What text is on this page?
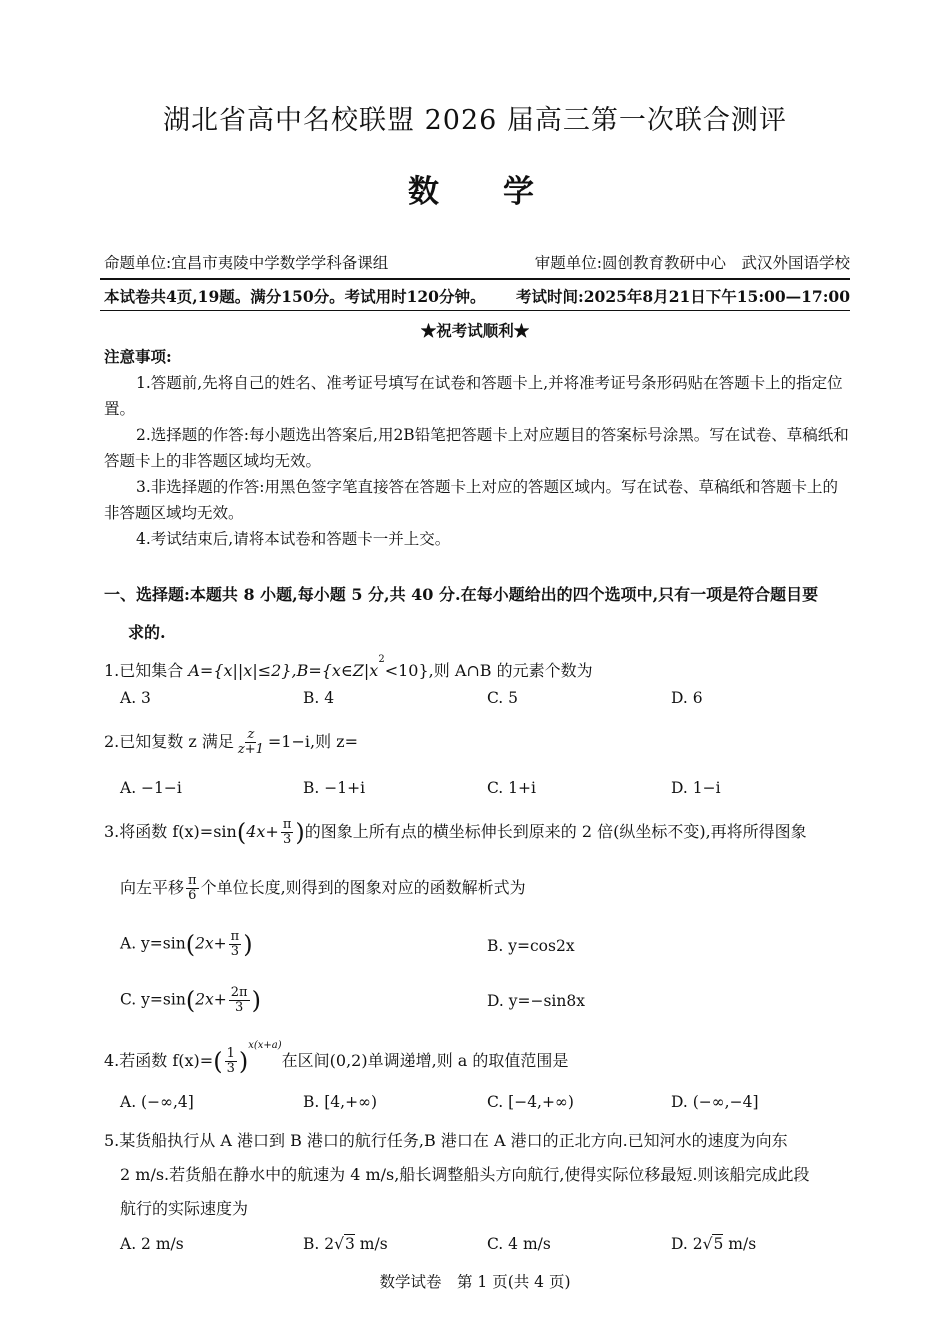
湖北省高中名校联盟 2026 届高三第一次联合测评
数学
命题单位:宜昌市夷陵中学数学学科备课组	审题单位:圆创教育教研中心　武汉外国语学校
本试卷共4页,19题。满分150分。考试用时120分钟。 考试时间:2025年8月21日下午15:00—17:00
★祝考试顺利★
注意事项:
1.答题前,先将自己的姓名、准考证号填写在试卷和答题卡上,并将准考证号条形码贴在答题卡上的指定位置。
2.选择题的作答:每小题选出答案后,用2B铅笔把答题卡上对应题目的答案标号涂黑。写在试卷、草稿纸和答题卡上的非答题区域均无效。
3.非选择题的作答:用黑色签字笔直接答在答题卡上对应的答题区域内。写在试卷、草稿纸和答题卡上的非答题区域均无效。
4.考试结束后,请将本试卷和答题卡一并上交。
一、选择题:本题共 8 小题,每小题 5 分,共 40 分.在每小题给出的四个选项中,只有一项是符合题目要
求的.
1.已知集合 $A=\{x||x|\le 2\},B=\{x\in Z|x^2<10\}$,则 A∩B 的元素个数为
A. 3	B. 4	C. 5	D. 6
2.已知复数 z 满足 $\frac{z}{z+1} =1-i$,则 z=
A. −1−i	B. −1+i	C. 1+i	D. 1−i
3.将函数 $f(x)=\sin(4x+ \frac{\pi}{3}$ )的图象上所有点的横坐标伸长到原来的 2 倍(纵坐标不变),再将所得图象
向左平移 $\frac{\pi}{6}$ 个单位长度,则得到的图象对应的函数解析式为
A. $y=\sin(2x+ \frac{\pi}{3}$ )	B. y=cos2x
C. $y=\sin(2x+ \frac{2\pi}{3}$ )	D. y=−sin8x
4.若函数 $f(x)=( \frac{1}{3} )^{x(x+a)}$在区间(0,2)单调递增,则 a 的取值范围是
A. (−∞,4]	B. [4,+∞)	C. [−4,+∞)	D. (−∞,−4]
5.某货船执行从 A 港口到 B 港口的航行任务,B 港口在 A 港口的正北方向.已知河水的速度为向东
2 m/s.若货船在静水中的航速为 4 m/s,船长调整船头方向航行,使得实际位移最短.则该船完成此段
航行的实际速度为
A. 2 m/s	B. 2√3 m/s	C. 4 m/s	D. 2√5 m/s
数学试卷　第 1 页(共 4 页)
